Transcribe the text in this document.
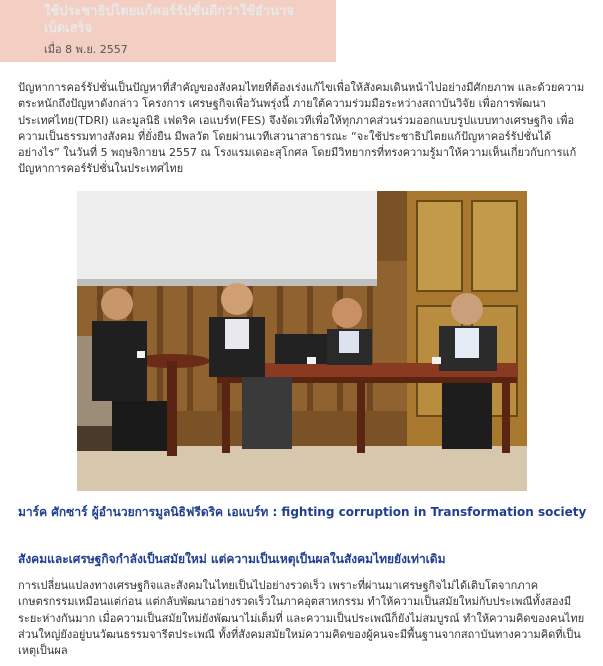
ใช้ประชาธิปไตยแก้คอร์รัปชั่นดีกว่าใช้อำนาจเบ็ดเสร็จ
เมื่อ 8 พ.ย. 2557
ปัญหาการคอร์รัปชั่นเป็นปัญหาที่สำคัญของสังคมไทยที่ต้องเร่งแก้ไขเพื่อให้สังคมเดินหน้าไปอย่างมีศักยภาพ และด้วยความตระหนักถึงปัญหาดังกล่าว โครงการ เศรษฐกิจเพื่อวันพรุ่งนี้ ภายใต้ความร่วมมือระหว่างสถาบันวิจัย เพื่อการพัฒนาประเทศไทย(TDRI) และมูลนิธิ เฟดริค เอแบร์ท(FES) จึงจัดเวทีเพื่อให้ทุกภาคส่วนร่วมออกแบบรูปแบบทางเศรษฐกิจ เพื่อความเป็นธรรมทางสังคม ที่ยั่งยืน มีพลวัต โดยผ่านเวทีเสวนาสาธารณะ “จะใช้ประชาธิปไตยแก้ปัญหาคอร์รัปชั่นได้อย่างไร” ในวันที่ 5 พฤษจิกายน 2557 ณ โรงแรมเดอะสุโกศล โดยมีวิทยากรที่ทรงความรู้มาให้ความเห็นเกี่ยวกับการแก้ปัญหาการคอร์รัปชั่นในประเทศไทย
มาร์ค ศักซาร์ ผู้อำนวยการมูลนิธิฟรีดริค เอแบร์ท : fighting corruption in Transformation society
สังคมและเศรษฐกิจกำลังเป็นสมัยใหม่ แต่ความเป็นเหตุเป็นผลในสังคมไทยยังเท่าเดิม
การเปลี่ยนแปลงทางเศรษฐกิจและสังคมในไทยเป็นไปอย่างรวดเร็ว เพราะที่ผ่านมาเศรษฐกิจไม่ได้เติบโตจากภาคเกษตรกรรมเหมือนแต่ก่อน แต่กลับพัฒนาอย่างรวดเร็วในภาคอุตสาหกรรม ทำให้ความเป็นสมัยใหม่กับประเพณีทั้งสองมีระยะห่างกันมาก เมื่อความเป็นสมัยใหม่ยังพัฒนาไม่เต็มที่ และความเป็นประเพณีก็ยังไม่สมบูรณ์ ทำให้ความคิดของคนไทยส่วนใหญ่ยังอยู่บนวัฒนธรรมจารีตประเพณี ทั้งที่สังคมสมัยใหม่ความคิดของผู้คนจะมีพื้นฐานจากสถาบันทางความคิดที่เป็นเหตุเป็นผล
